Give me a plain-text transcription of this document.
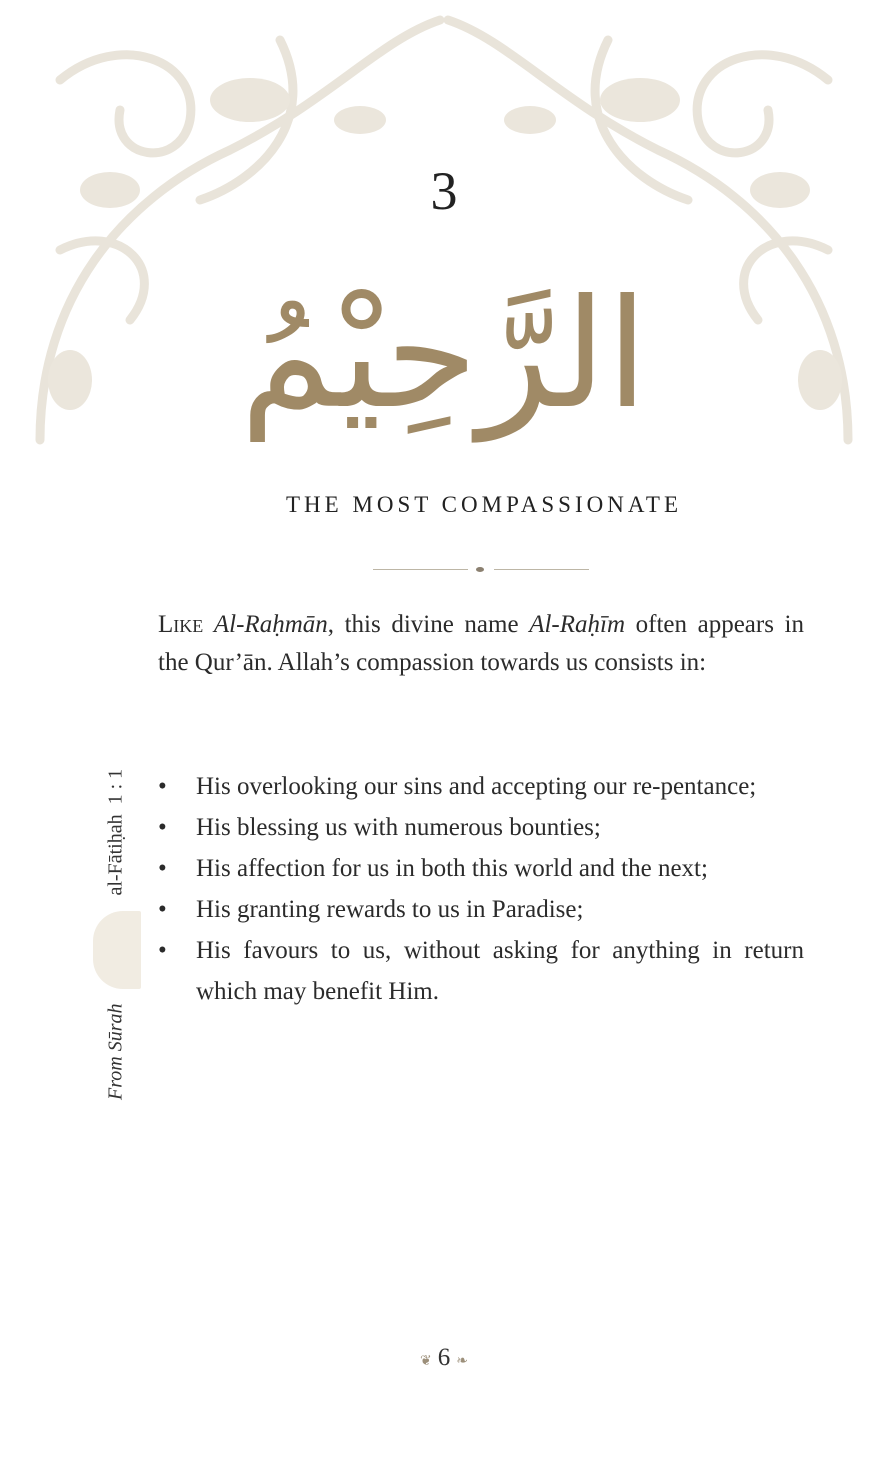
3
الرَّحِيْمُ
THE MOST COMPASSIONATE

Like Al-Raḥmān, this divine name Al-Raḥīm often appears in the Qur’ān. Allah’s compassion towards us consists in:

• His overlooking our sins and accepting our re-pentance;
• His blessing us with numerous bounties;
• His affection for us in both this world and the next;
• His granting rewards to us in Paradise;
• His favours to us, without asking for anything in return which may benefit Him.
From Sūrah  al-Fātiḥah  1 : 1
❦ 6 ❧
